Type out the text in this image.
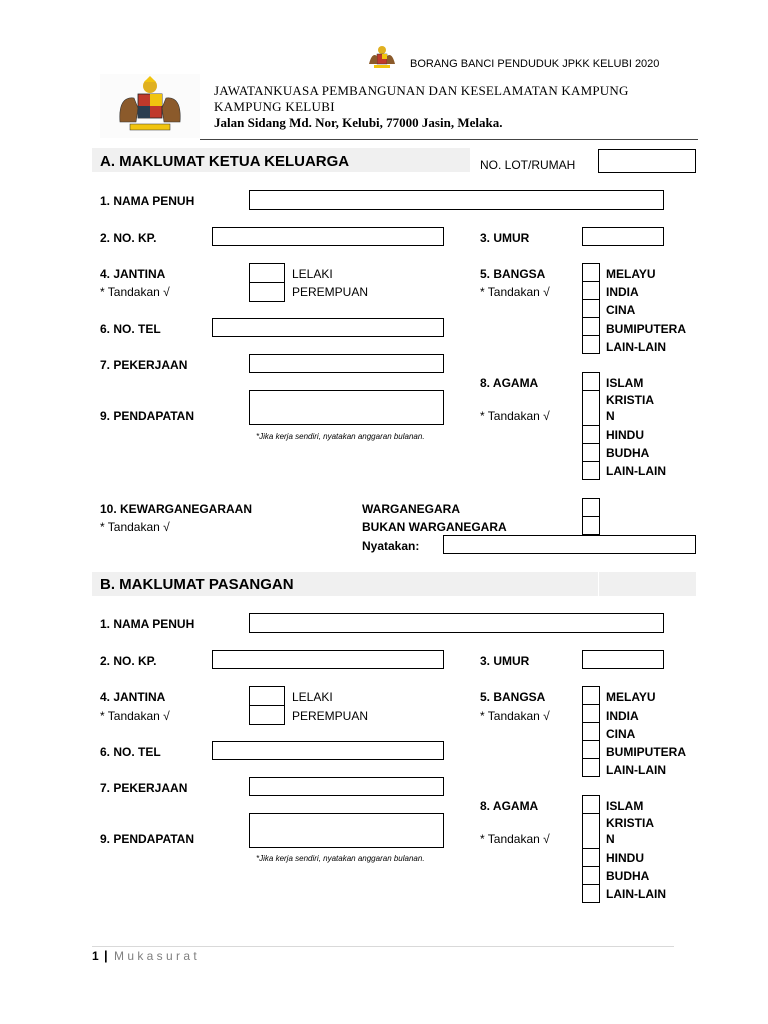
BORANG BANCI PENDUDUK JPKK KELUBI 2020
JAWATANKUASA PEMBANGUNAN DAN KESELAMATAN KAMPUNG
KAMPUNG KELUBI
Jalan Sidang Md. Nor, Kelubi, 77000 Jasin, Melaka.
A. MAKLUMAT KETUA KELUARGA	NO. LOT/RUMAH
1. NAMA PENUH
2. NO. KP.	3. UMUR
4. JANTINA
* Tandakan √
LELAKI
PEREMPUAN
5. BANGSA
* Tandakan √
MELAYU
INDIA
CINA
BUMIPUTERA
LAIN-LAIN
6. NO. TEL
7. PEKERJAAN
8. AGAMA
* Tandakan √
ISLAM
KRISTIA
N
HINDU
BUDHA
LAIN-LAIN
9. PENDAPATAN
*Jika kerja sendiri, nyatakan anggaran bulanan.
10. KEWARGANEGARAAN
* Tandakan √
WARGANEGARA
BUKAN WARGANEGARA
Nyatakan:
B. MAKLUMAT PASANGAN
1. NAMA PENUH
2. NO. KP.	3. UMUR
4. JANTINA
* Tandakan √
LELAKI
PEREMPUAN
5. BANGSA
* Tandakan √
MELAYU
INDIA
CINA
BUMIPUTERA
LAIN-LAIN
6. NO. TEL
7. PEKERJAAN
8. AGAMA
* Tandakan √
ISLAM
KRISTIA
N
HINDU
BUDHA
LAIN-LAIN
9. PENDAPATAN
*Jika kerja sendiri, nyatakan anggaran bulanan.
1 | M u k a s u r a t
